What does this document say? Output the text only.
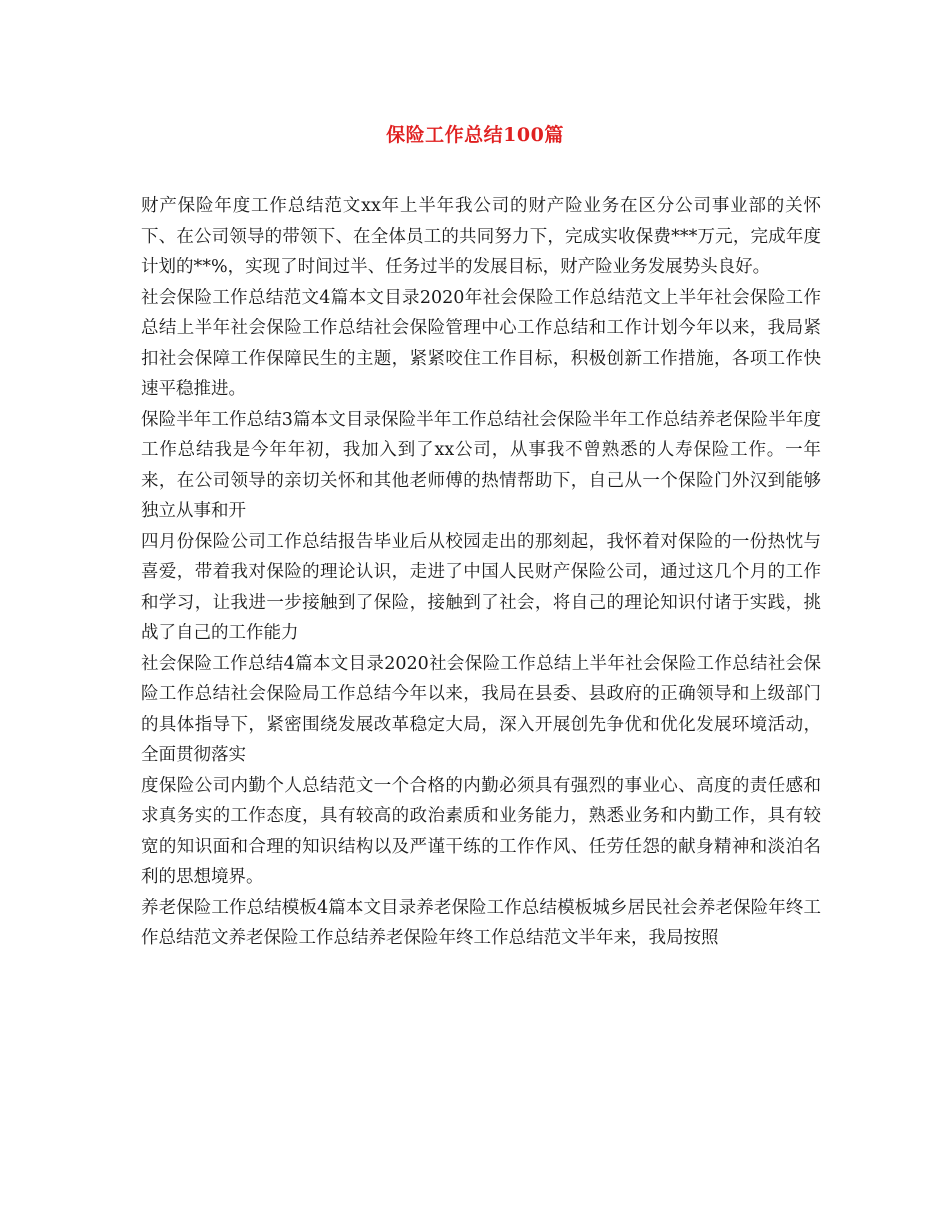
保险工作总结100篇

财产保险年度工作总结范文xx年上半年我公司的财产险业务在区分公司事业部的关怀下、在公司领导的带领下、在全体员工的共同努力下，完成实收保费***万元，完成年度计划的**%，实现了时间过半、任务过半的发展目标，财产险业务发展势头良好。

社会保险工作总结范文4篇本文目录2020年社会保险工作总结范文上半年社会保险工作总结上半年社会保险工作总结社会保险管理中心工作总结和工作计划今年以来，我局紧扣社会保障工作保障民生的主题，紧紧咬住工作目标，积极创新工作措施，各项工作快速平稳推进。

保险半年工作总结3篇本文目录保险半年工作总结社会保险半年工作总结养老保险半年度工作总结我是今年年初，我加入到了xx公司，从事我不曾熟悉的人寿保险工作。一年来，在公司领导的亲切关怀和其他老师傅的热情帮助下，自己从一个保险门外汉到能够独立从事和开

四月份保险公司工作总结报告毕业后从校园走出的那刻起，我怀着对保险的一份热忱与喜爱，带着我对保险的理论认识，走进了中国人民财产保险公司，通过这几个月的工作和学习，让我进一步接触到了保险，接触到了社会，将自己的理论知识付诸于实践，挑战了自己的工作能力

社会保险工作总结4篇本文目录2020社会保险工作总结上半年社会保险工作总结社会保险工作总结社会保险局工作总结今年以来，我局在县委、县政府的正确领导和上级部门的具体指导下，紧密围绕发展改革稳定大局，深入开展创先争优和优化发展环境活动，全面贯彻落实

度保险公司内勤个人总结范文一个合格的内勤必须具有强烈的事业心、高度的责任感和求真务实的工作态度，具有较高的政治素质和业务能力，熟悉业务和内勤工作，具有较宽的知识面和合理的知识结构以及严谨干练的工作作风、任劳任怨的献身精神和淡泊名利的思想境界。

养老保险工作总结模板4篇本文目录养老保险工作总结模板城乡居民社会养老保险年终工作总结范文养老保险工作总结养老保险年终工作总结范文半年来，我局按照
